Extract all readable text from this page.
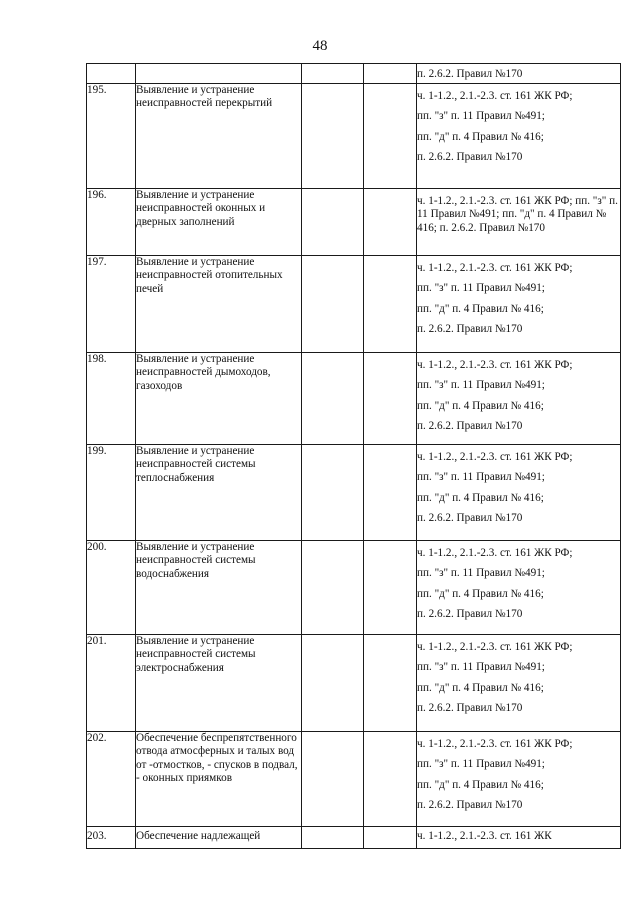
48

				п. 2.6.2. Правил №170

195.	Выявление и устранение неисправностей перекрытий			ч. 1-1.2., 2.1.-2.3. ст. 161 ЖК РФ;
пп. "з" п. 11 Правил №491;
пп. "д" п. 4 Правил № 416;
п. 2.6.2. Правил №170

196.	Выявление и устранение неисправностей оконных и дверных заполнений			ч. 1-1.2., 2.1.-2.3. ст. 161 ЖК РФ; пп. "з" п. 11 Правил №491; пп. "д" п. 4 Правил № 416; п. 2.6.2. Правил №170

197.	Выявление и устранение неисправностей отопительных печей			ч. 1-1.2., 2.1.-2.3. ст. 161 ЖК РФ;
пп. "з" п. 11 Правил №491;
пп. "д" п. 4 Правил № 416;
п. 2.6.2. Правил №170

198.	Выявление и устранение неисправностей дымоходов, газоходов			ч. 1-1.2., 2.1.-2.3. ст. 161 ЖК РФ;
пп. "з" п. 11 Правил №491;
пп. "д" п. 4 Правил № 416;
п. 2.6.2. Правил №170

199.	Выявление и устранение неисправностей системы теплоснабжения			ч. 1-1.2., 2.1.-2.3. ст. 161 ЖК РФ;
пп. "з" п. 11 Правил №491;
пп. "д" п. 4 Правил № 416;
п. 2.6.2. Правил №170

200.	Выявление и устранение неисправностей системы водоснабжения			ч. 1-1.2., 2.1.-2.3. ст. 161 ЖК РФ;
пп. "з" п. 11 Правил №491;
пп. "д" п. 4 Правил № 416;
п. 2.6.2. Правил №170

201.	Выявление и устранение неисправностей системы электроснабжения			ч. 1-1.2., 2.1.-2.3. ст. 161 ЖК РФ;
пп. "з" п. 11 Правил №491;
пп. "д" п. 4 Правил № 416;
п. 2.6.2. Правил №170

202.	Обеспечение беспрепятственного отвода атмосферных и талых вод от -отмостков, - спусков в подвал, - оконных приямков			ч. 1-1.2., 2.1.-2.3. ст. 161 ЖК РФ;
пп. "з" п. 11 Правил №491;
пп. "д" п. 4 Правил № 416;
п. 2.6.2. Правил №170

203.	Обеспечение надлежащей			ч. 1-1.2., 2.1.-2.3. ст. 161 ЖК
